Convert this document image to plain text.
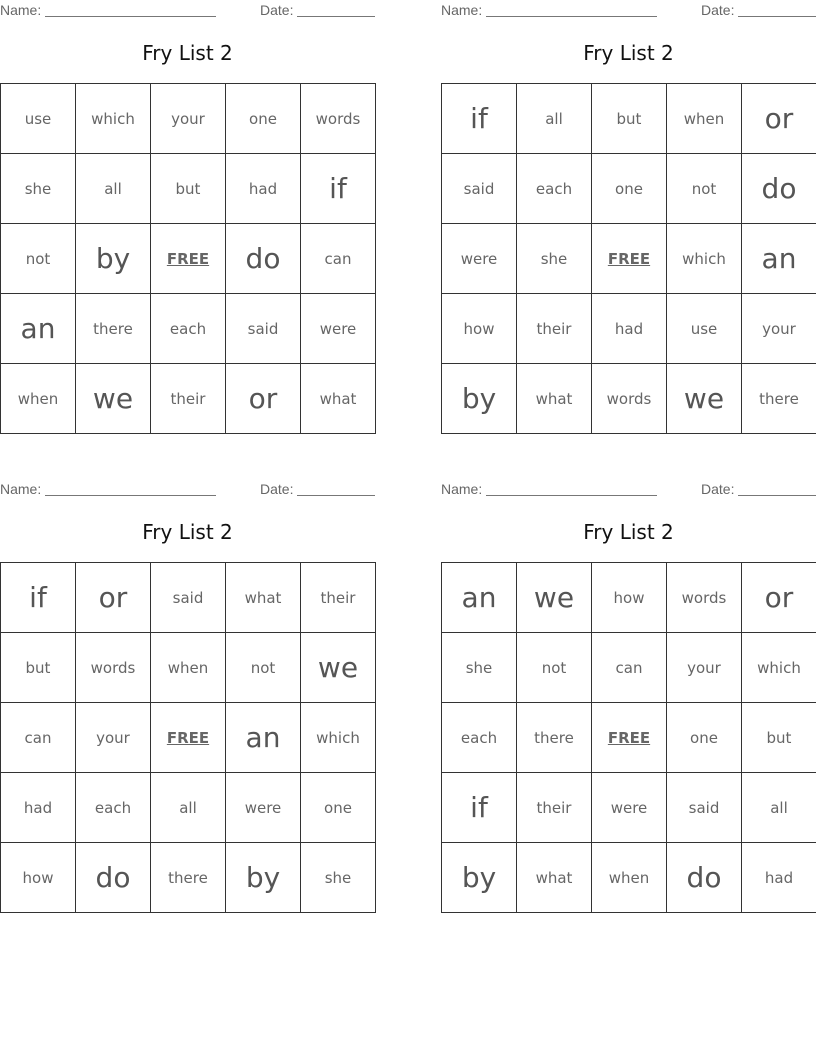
Name:	Date:
Fry List 2
use	which	your	one	words
she	all	but	had	if
not	by	FREE	do	can
an	there	each	said	were
when	we	their	or	what
Name:	Date:
Fry List 2
if	all	but	when	or
said	each	one	not	do
were	she	FREE	which	an
how	their	had	use	your
by	what	words	we	there
Name:	Date:
Fry List 2
if	or	said	what	their
but	words	when	not	we
can	your	FREE	an	which
had	each	all	were	one
how	do	there	by	she
Name:	Date:
Fry List 2
an	we	how	words	or
she	not	can	your	which
each	there	FREE	one	but
if	their	were	said	all
by	what	when	do	had
